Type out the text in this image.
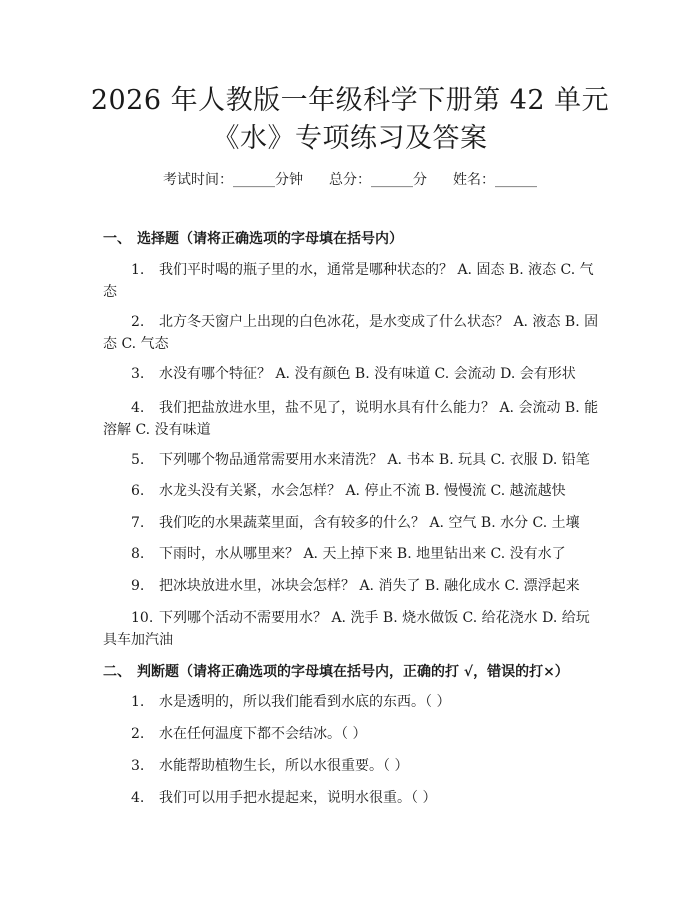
2026 年人教版一年级科学下册第 42 单元
《水》专项练习及答案
考试时间：______分钟 总分：______分 姓名：______
一、 选择题（请将正确选项的字母填在括号内）
1. 我们平时喝的瓶子里的水，通常是哪种状态的？ A. 固态 B. 液态 C. 气
态
2. 北方冬天窗户上出现的白色冰花，是水变成了什么状态？ A. 液态 B. 固
态 C. 气态
3. 水没有哪个特征？ A. 没有颜色 B. 没有味道 C. 会流动 D. 会有形状
4. 我们把盐放进水里，盐不见了，说明水具有什么能力？ A. 会流动 B. 能
溶解 C. 没有味道
5. 下列哪个物品通常需要用水来清洗？ A. 书本 B. 玩具 C. 衣服 D. 铅笔
6. 水龙头没有关紧，水会怎样？ A. 停止不流 B. 慢慢流 C. 越流越快
7. 我们吃的水果蔬菜里面，含有较多的什么？ A. 空气 B. 水分 C. 土壤
8. 下雨时，水从哪里来？ A. 天上掉下来 B. 地里钻出来 C. 没有水了
9. 把冰块放进水里，冰块会怎样？ A. 消失了 B. 融化成水 C. 漂浮起来
10. 下列哪个活动不需要用水？ A. 洗手 B. 烧水做饭 C. 给花浇水 D. 给玩
具车加汽油
二、 判断题（请将正确选项的字母填在括号内，正确的打 √，错误的打×）
1. 水是透明的，所以我们能看到水底的东西。（ ）
2. 水在任何温度下都不会结冰。（ ）
3. 水能帮助植物生长，所以水很重要。（ ）
4. 我们可以用手把水提起来，说明水很重。（ ）
